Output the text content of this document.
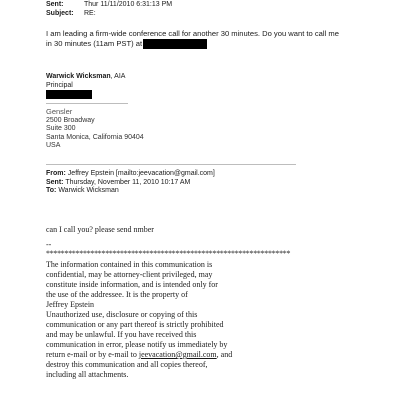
Sent:	Thur 11/11/2010 6:31:13 PM
Subject: RE:
I am leading a firm-wide conference call for another 30 minutes. Do you want to call me
in 30 minutes (11am PST) at
Warwick Wicksman, AIA
Principal
Gensler
2500 Broadway
Suite 300
Santa Monica, California 90404
USA
From: Jeffrey Epstein [mailto:jeevacation@gmail.com]
Sent: Thursday, November 11, 2010 10:17 AM
To: Warwick Wicksman
can I call you? please send nmber
--
******************************************************************
The information contained in this communication is
confidential, may be attorney-client privileged, may
constitute inside information, and is intended only for
the use of the addressee. It is the property of
Jeffrey Epstein
Unauthorized use, disclosure or copying of this
communication or any part thereof is strictly prohibited
and may be unlawful. If you have received this
communication in error, please notify us immediately by
return e-mail or by e-mail to jeevacation@gmail.com, and
destroy this communication and all copies thereof,
including all attachments.
